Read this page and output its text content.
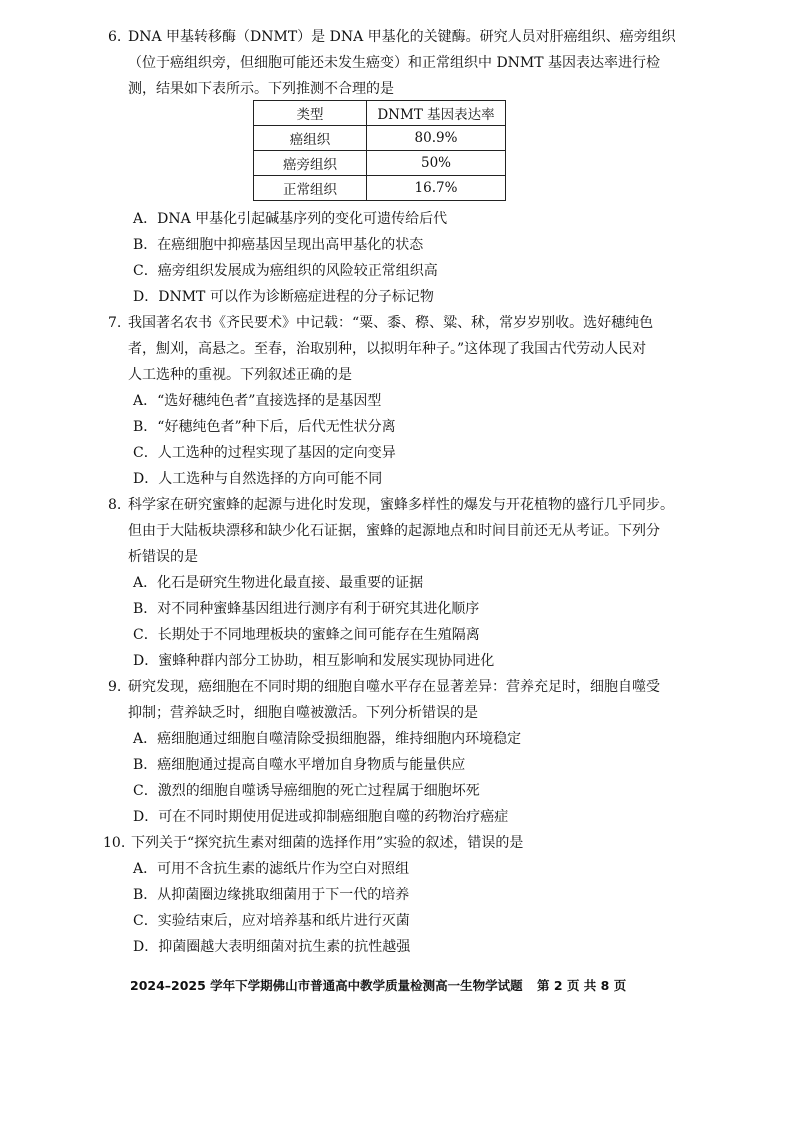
6. DNA 甲基转移酶（DNMT）是 DNA 甲基化的关键酶。研究人员对肝癌组织、癌旁组织
（位于癌组织旁，但细胞可能还未发生癌变）和正常组织中 DNMT 基因表达率进行检
测，结果如下表所示。下列推测不合理的是
类型	DNMT 基因表达率
癌组织	80.9%
癌旁组织	50%
正常组织	16.7%
A．DNA 甲基化引起碱基序列的变化可遗传给后代
B．在癌细胞中抑癌基因呈现出高甲基化的状态
C．癌旁组织发展成为癌组织的风险较正常组织高
D．DNMT 可以作为诊断癌症进程的分子标记物
7. 我国著名农书《齐民要术》中记载：“粟、黍、穄、粱、秫，常岁岁别收。选好穗纯色
者，劁刈，高悬之。至春，治取别种，以拟明年种子。”这体现了我国古代劳动人民对
人工选种的重视。下列叙述正确的是
A．“选好穗纯色者”直接选择的是基因型
B．“好穗纯色者”种下后，后代无性状分离
C．人工选种的过程实现了基因的定向变异
D．人工选种与自然选择的方向可能不同
8. 科学家在研究蜜蜂的起源与进化时发现，蜜蜂多样性的爆发与开花植物的盛行几乎同步。
但由于大陆板块漂移和缺少化石证据，蜜蜂的起源地点和时间目前还无从考证。下列分
析错误的是
A．化石是研究生物进化最直接、最重要的证据
B．对不同种蜜蜂基因组进行测序有利于研究其进化顺序
C．长期处于不同地理板块的蜜蜂之间可能存在生殖隔离
D．蜜蜂种群内部分工协助，相互影响和发展实现协同进化
9. 研究发现，癌细胞在不同时期的细胞自噬水平存在显著差异：营养充足时，细胞自噬受
抑制；营养缺乏时，细胞自噬被激活。下列分析错误的是
A．癌细胞通过细胞自噬清除受损细胞器，维持细胞内环境稳定
B．癌细胞通过提高自噬水平增加自身物质与能量供应
C．激烈的细胞自噬诱导癌细胞的死亡过程属于细胞坏死
D．可在不同时期使用促进或抑制癌细胞自噬的药物治疗癌症
10. 下列关于“探究抗生素对细菌的选择作用”实验的叙述，错误的是
A．可用不含抗生素的滤纸片作为空白对照组
B．从抑菌圈边缘挑取细菌用于下一代的培养
C．实验结束后，应对培养基和纸片进行灭菌
D．抑菌圈越大表明细菌对抗生素的抗性越强
2024–2025 学年下学期佛山市普通高中教学质量检测高一生物学试题 第 2 页 共 8 页
